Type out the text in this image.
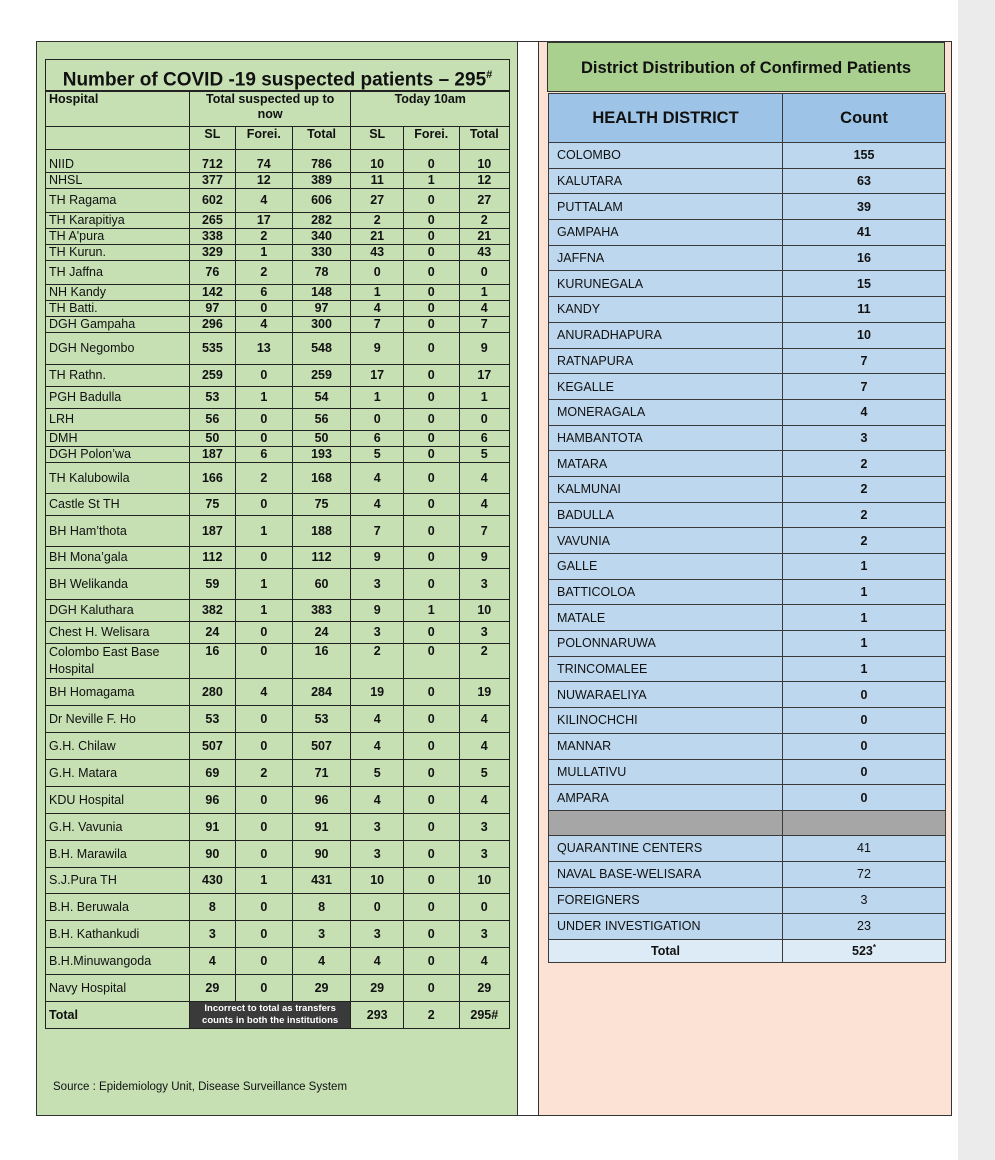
Number of COVID -19 suspected patients – 295#
Hospital	Total suspected up to now			Today 10am		
	SL	Forei.	Total	SL	Forei.	Total

NIID	712	74	786	10	0	10
NHSL	377	12	389	11	1	12
TH Ragama	602	4	606	27	0	27
TH Karapitiya	265	17	282	2	0	2
TH A'pura	338	2	340	21	0	21
TH Kurun.	329	1	330	43	0	43
TH Jaffna	76	2	78	0	0	0
NH Kandy	142	6	148	1	0	1
TH Batti.	97	0	97	4	0	4
DGH Gampaha	296	4	300	7	0	7
DGH Negombo	535	13	548	9	0	9
TH Rathn.	259	0	259	17	0	17
PGH Badulla	53	1	54	1	0	1
LRH	56	0	56	0	0	0
DMH	50	0	50	6	0	6
DGH Polon’wa	187	6	193	5	0	5
TH Kalubowila	166	2	168	4	0	4
Castle St TH	75	0	75	4	0	4
BH Ham’thota	187	1	188	7	0	7
BH Mona’gala	112	0	112	9	0	9
BH Welikanda	59	1	60	3	0	3
DGH Kaluthara	382	1	383	9	1	10
Chest H. Welisara	24	0	24	3	0	3
Colombo East Base Hospital	16	0	16	2	0	2
BH Homagama	280	4	284	19	0	19
Dr Neville F. Ho	53	0	53	4	0	4
G.H. Chilaw	507	0	507	4	0	4
G.H. Matara	69	2	71	5	0	5
KDU Hospital	96	0	96	4	0	4
G.H. Vavunia	91	0	91	3	0	3
B.H. Marawila	90	0	90	3	0	3
S.J.Pura TH	430	1	431	10	0	10
B.H. Beruwala	8	0	8	0	0	0
B.H. Kathankudi	3	0	3	3	0	3
B.H.Minuwangoda	4	0	4	4	0	4
Navy Hospital	29	0	29	29	0	29
Total	Incorrect to total as transfers counts in both the institutions			293	2	295#
Source : Epidemiology Unit, Disease Surveillance System
District Distribution of Confirmed Patients
HEALTH DISTRICT	Count
COLOMBO	155
KALUTARA	63
PUTTALAM	39
GAMPAHA	41
JAFFNA	16
KURUNEGALA	15
KANDY	11
ANURADHAPURA	10
RATNAPURA	7
KEGALLE	7
MONERAGALA	4
HAMBANTOTA	3
MATARA	2
KALMUNAI	2
BADULLA	2
VAVUNIA	2
GALLE	1
BATTICOLOA	1
MATALE	1
POLONNARUWA	1
TRINCOMALEE	1
NUWARAELIYA	0
KILINOCHCHI	0
MANNAR	0
MULLATIVU	0
AMPARA	0

QUARANTINE CENTERS	41
NAVAL BASE-WELISARA	72
FOREIGNERS	3
UNDER INVESTIGATION	23
Total	523*
